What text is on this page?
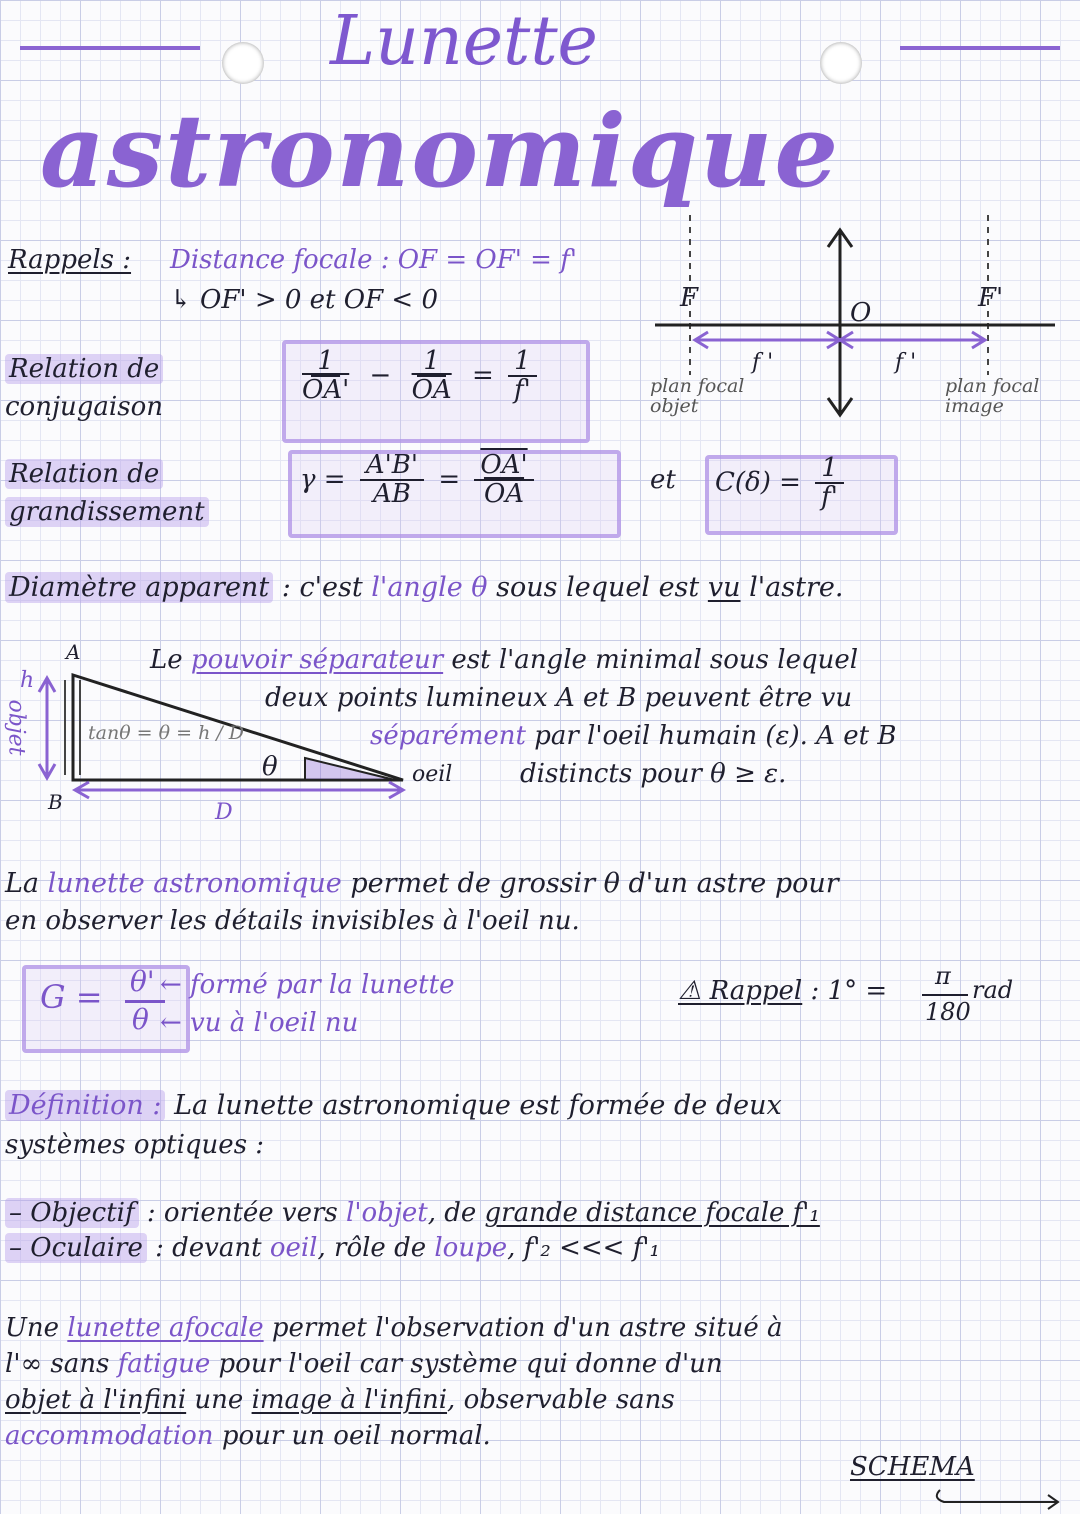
Lunette
astronomique
Rappels : Distance focale : OF = OF' = f'
↳ OF' > 0 et OF < 0	F	O	F'
f '	f '
plan focal objet
plan focal image
Relation de
conjugaison
$\frac{1}{OA'} - \frac{1}{OA} = \frac{1}{f'}$
Relation de
grandissement
$\gamma = \frac{A'B'}{AB} = \frac{OA'}{OA}$	et $C(\delta) = \frac{1}{f'}$
Diamètre apparent : c'est l'angle θ sous lequel est vu l'astre.
A
B
h
objet	tanθ = θ = h / D
θ	oeil
D
Le pouvoir séparateur est l'angle minimal sous lequel
deux points lumineux A et B peuvent être vu
séparément par l'oeil humain (ε). A et B
distincts pour θ ≥ ε.
La lunette astronomique permet de grossir θ d'un astre pour
en observer les détails invisibles à l'oeil nu.
G = θ'
θ
← formé par la lunette
← vu à l'oeil nu
⚠ Rappel : 1° = π
180
rad
Définition : La lunette astronomique est formée de deux
systèmes optiques :
– Objectif : orientée vers l'objet, de grande distance focale f'₁
– Oculaire : devant oeil, rôle de loupe, f'₂ <<< f'₁
Une lunette afocale permet l'observation d'un astre situé à
l'∞ sans fatigue pour l'oeil car système qui donne d'un
objet à l'infini une image à l'infini, observable sans
accommodation pour un oeil normal.
SCHEMA
